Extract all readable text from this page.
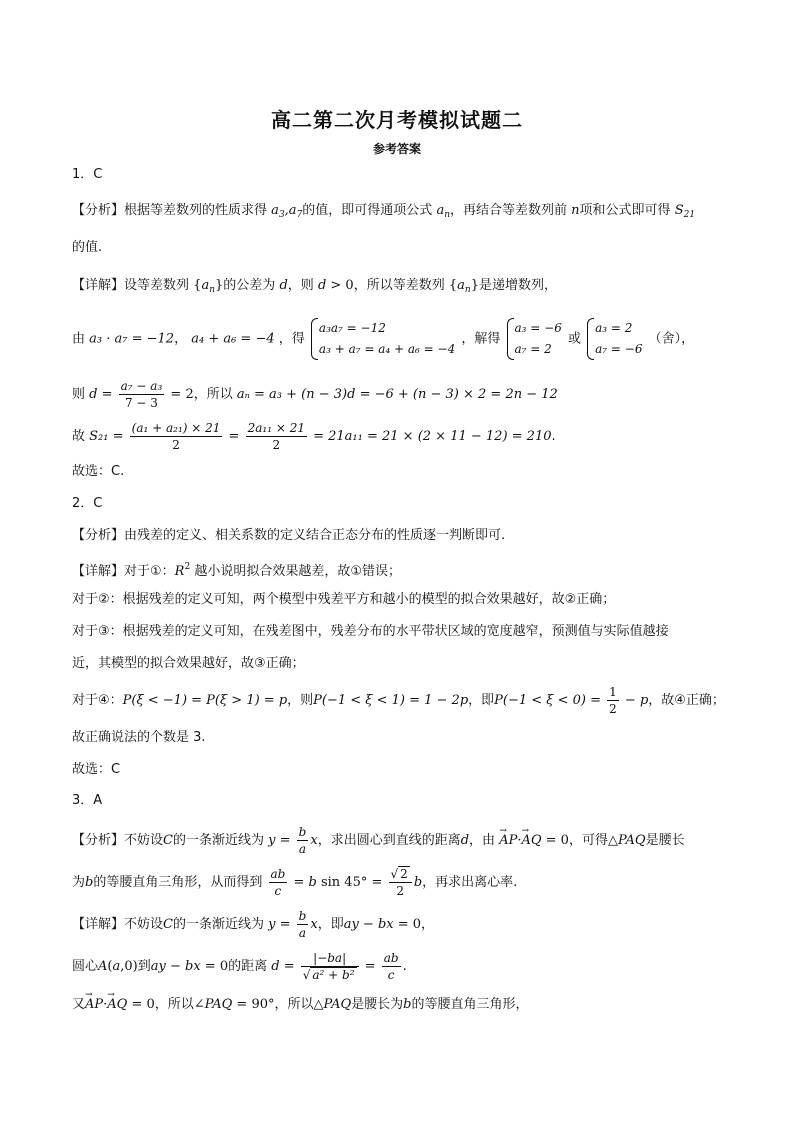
高二第二次月考模拟试题二
参考答案
1．C
【分析】根据等差数列的性质求得 $a_3,a_7$的值，即可得通项公式 $a_n$，再结合等差数列前 n项和公式即可得 $S_{21}$
的值.
【详解】设等差数列 $\{a_n\}$的公差为 d，则 d > 0，所以等差数列 $\{a_n\}$是递增数列，
由 a₃ · a₇ = −12， a₄ + a₆ = −4 ，得
a₃a₇ = −12
a₃ + a₇ = a₄ + a₆ = −4
，解得
a₃ = −6
a₇ = 2
或
a₃ = 2
a₇ = −6
（舍），
则 $d = \frac{\text{a₇ − a₃}}{7 - 3} = 2$，所以 aₙ = a₃ + (n − 3)d = −6 + (n − 3) × 2 = 2n − 12
故 $S_{21} = \frac{\text{(a₁ + a₂₁) × 21}}{2} = \frac{\text{2a₁₁ × 21}}{2} = 21a_{11} = 21 \times (2 \times 11 - 12) = 210$.
故选：C.
2．C
【分析】由残差的定义、相关系数的定义结合正态分布的性质逐一判断即可.
【详解】对于①：$R^2$ 越小说明拟合效果越差，故①错误；
对于②：根据残差的定义可知，两个模型中残差平方和越小的模型的拟合效果越好，故②正确；
对于③：根据残差的定义可知，在残差图中，残差分布的水平带状区域的宽度越窄，预测值与实际值越接
近，其模型的拟合效果越好，故③正确；
对于④：P(ξ < −1) = P(ξ > 1) = p，则P(−1 < ξ < 1) = 1 − 2p，即$P(-1 < \xi < 0) = \frac{1}{2} - p$，故④正确；
故正确说法的个数是 3.
故选：C
3．A
【分析】不妨设C的一条渐近线为 $y = \frac{b}{a}$ x，求出圆心到直线的距离d，由 → AP·→ AQ = 0，可得△PAQ是腰长
为b的等腰直角三角形，从而得到 $\frac{ab}{c} = b$ $\sin 45^\circ = \frac{√ 2}{2}$ b，再求出离心率.
【详解】不妨设C的一条渐近线为 $y = \frac{b}{a}$ x，即ay − bx = 0，
圆心A(a,0)到ay − bx = 0的距离 $d = \frac{|-ba|}{\text{√ a² + b²}} = \frac{ab}{c}$ .
又→ AP·→ AQ = 0，所以∠PAQ = 90°，所以△PAQ是腰长为b的等腰直角三角形，
